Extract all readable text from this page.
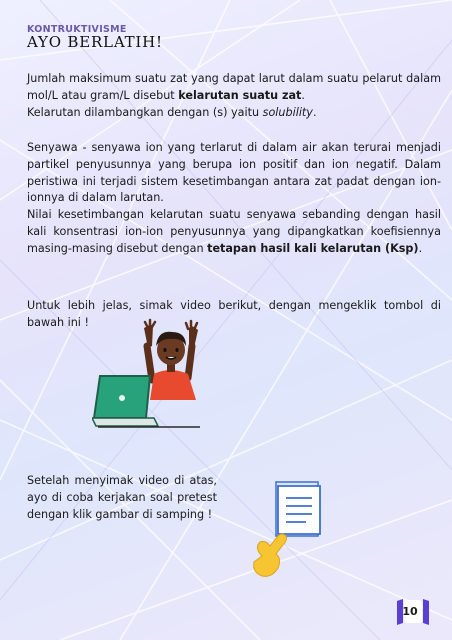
KONTRUKTIVISME
AYO BERLATIH!

Jumlah maksimum suatu zat yang dapat larut dalam suatu pelarut dalam mol/L atau gram/L disebut kelarutan suatu zat.
Kelarutan dilambangkan dengan (s) yaitu solubility.

Senyawa - senyawa ion yang terlarut di dalam air akan terurai menjadi partikel penyusunnya yang berupa ion positif dan ion negatif. Dalam peristiwa ini terjadi sistem kesetimbangan antara zat padat dengan ion-ionnya di dalam larutan.
Nilai kesetimbangan kelarutan suatu senyawa sebanding dengan hasil kali konsentrasi ion-ion penyusunnya yang dipangkatkan koefisiennya masing-masing disebut dengan tetapan hasil kali kelarutan (Ksp).

Untuk lebih jelas, simak video berikut, dengan mengeklik tombol di bawah ini !

Setelah menyimak video di atas, ayo di coba kerjakan soal pretest dengan klik gambar di samping !

10
